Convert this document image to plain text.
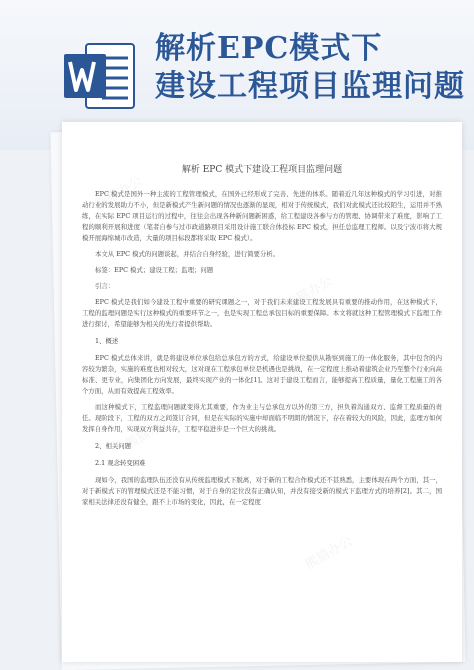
解析EPC模式下
建设工程项目监理问题
熊猫办公
熊猫办公
熊猫办公
熊猫办公
解析 EPC 模式下建设工程项目监理问题

EPC 模式是国外一种主流的工程管理模式，在国外已经形成了完善、先进的体系。随着近几年这种模式的学习引进，对推动行业的发展助力不小，但是新模式产生新问题的情况也逐渐的显现，相对于传统模式，我们对此模式还比较陌生，运用并不熟练，在实际 EPC 项目运行的过程中，往往会出现各种新问题新困惑，给工程建设各参与方的管理、协调带来了难度，影响了工程的顺利开展和进度（笔者自参与过市政道路项目采用设计施工联合体投标 EPC 模式，担任总监理工程师。以及宁波市将大规模开展海绵城市改造，大量的项目标段都将采取 EPC 模式）。

本文从 EPC 模式的问题谈起，并结合自身经验，进行简要分析。

标签：EPC 模式；建设工程；监理；问题

引言：

EPC 模式是我们如今建设工程中重要的研究课题之一，对于我们未来建设工程发展具有重要的推动作用，在这种模式下，工程的监理问题是实行这种模式的重要环节之一，也是实现工程总承包目标的重要保障。本文将就这种工程管理模式下监理工作进行探讨，希望能够为相关的先行者提供帮助。

1、概述

EPC 模式总体来讲，就是将建设单位承包给总承包方的方式，给建设单位提供从勘察到施工的一体化服务，其中包含的内容较为繁杂，实施的难度也相对较大，这对现在工程承包单位是机遇也是挑战，在一定程度上推动着建筑企业乃至整个行业向高标准、更专业，向集团化方向发展，最终实现产业的一体化[1]。这对于建设工程而言，能够提高工程质量，量化工程施工的各个方面，从而有效提高工程效率。

而这种模式下，工程监理问题就变得尤其重要，作为业主与总承包方以外的第三方，担负着沟通双方、监督工程质量的责任。现阶段下，工程的双方之间签订合同，但是在实际的实施中却面临不明朗的情况下，存在着较大的风险，因此，监理方如何发挥自身作用，实现双方利益共存，工程平稳进步是一个巨大的挑战。

2、相关问题
2.1 观念转变困难

现如今，我国的监理队伍还没有从传统监理模式下脱离，对于新的工程合作模式还不甚熟悉，主要体现在两个方面，其一，对于新模式下的管理模式还是不能习惯，对于自身的定位没有正确认知，并没有接受新的模式下监理方式的培养[2]。其二，国家相关法律还没有健全，跟不上市场的变化，因此，在一定程度
